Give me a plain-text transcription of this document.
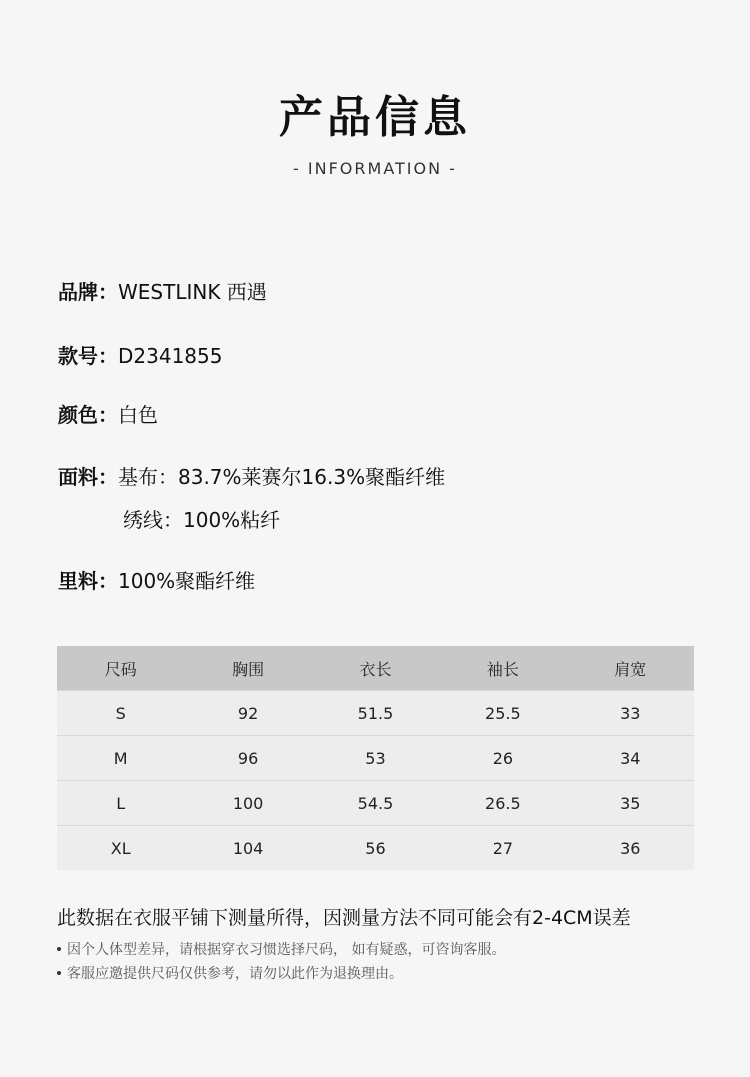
产品信息
- INFORMATION -
品牌：WESTLINK 西遇
款号：D2341855
颜色：白色
面料：基布：83.7%莱赛尔16.3%聚酯纤维
绣线：100%粘纤
里料：100%聚酯纤维
尺码	胸围	衣长	袖长	肩宽
S	92	51.5	25.5	33
M	96	53	26	34
L	100	54.5	26.5	35
XL	104	56	27	36
此数据在衣服平铺下测量所得，因测量方法不同可能会有2-4CM误差
因个人体型差异，请根据穿衣习惯选择尺码， 如有疑惑，可咨询客服。
客服应邀提供尺码仅供参考，请勿以此作为退换理由。
